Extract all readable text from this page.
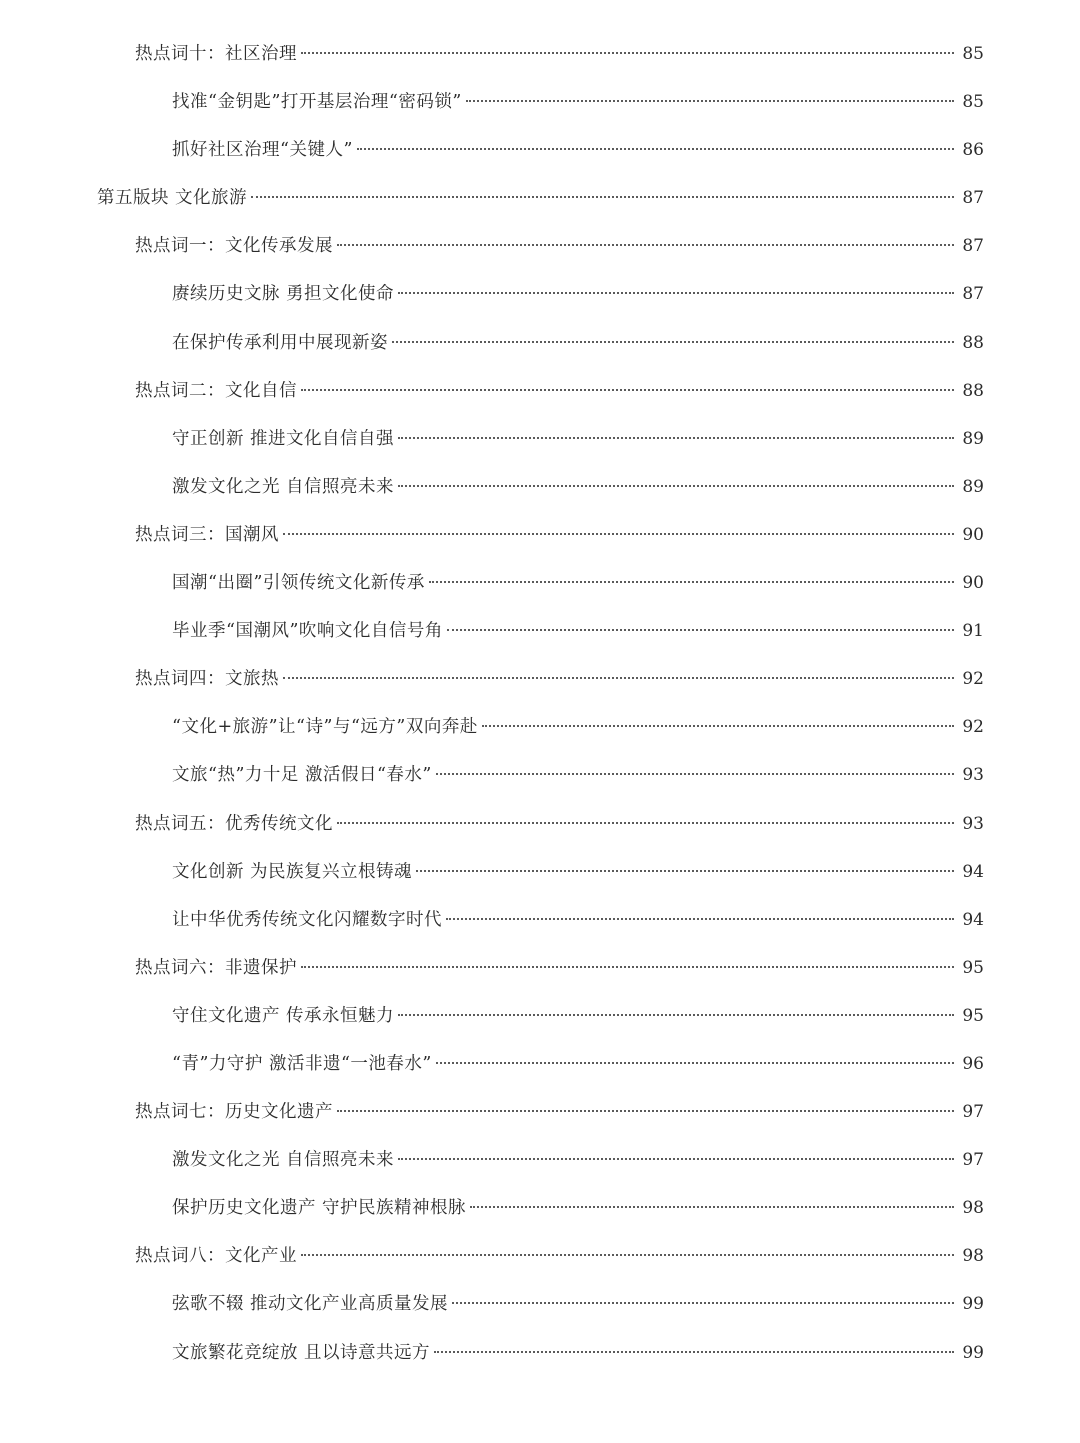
热点词十：社区治理	85
找准“金钥匙”打开基层治理“密码锁”	85
抓好社区治理“关键人”	86
第五版块 文化旅游	87
热点词一：文化传承发展	87
赓续历史文脉 勇担文化使命	87
在保护传承利用中展现新姿	88
热点词二：文化自信	88
守正创新 推进文化自信自强	89
激发文化之光 自信照亮未来	89
热点词三：国潮风	90
国潮“出圈”引领传统文化新传承	90
毕业季“国潮风”吹响文化自信号角	91
热点词四：文旅热	92
“文化+旅游”让“诗”与“远方”双向奔赴	92
文旅“热”力十足 激活假日“春水”	93
热点词五：优秀传统文化	93
文化创新 为民族复兴立根铸魂	94
让中华优秀传统文化闪耀数字时代	94
热点词六：非遗保护	95
守住文化遗产 传承永恒魅力	95
“青”力守护 激活非遗“一池春水”	96
热点词七：历史文化遗产	97
激发文化之光 自信照亮未来	97
保护历史文化遗产 守护民族精神根脉	98
热点词八：文化产业	98
弦歌不辍 推动文化产业高质量发展	99
文旅繁花竞绽放 且以诗意共远方	99
